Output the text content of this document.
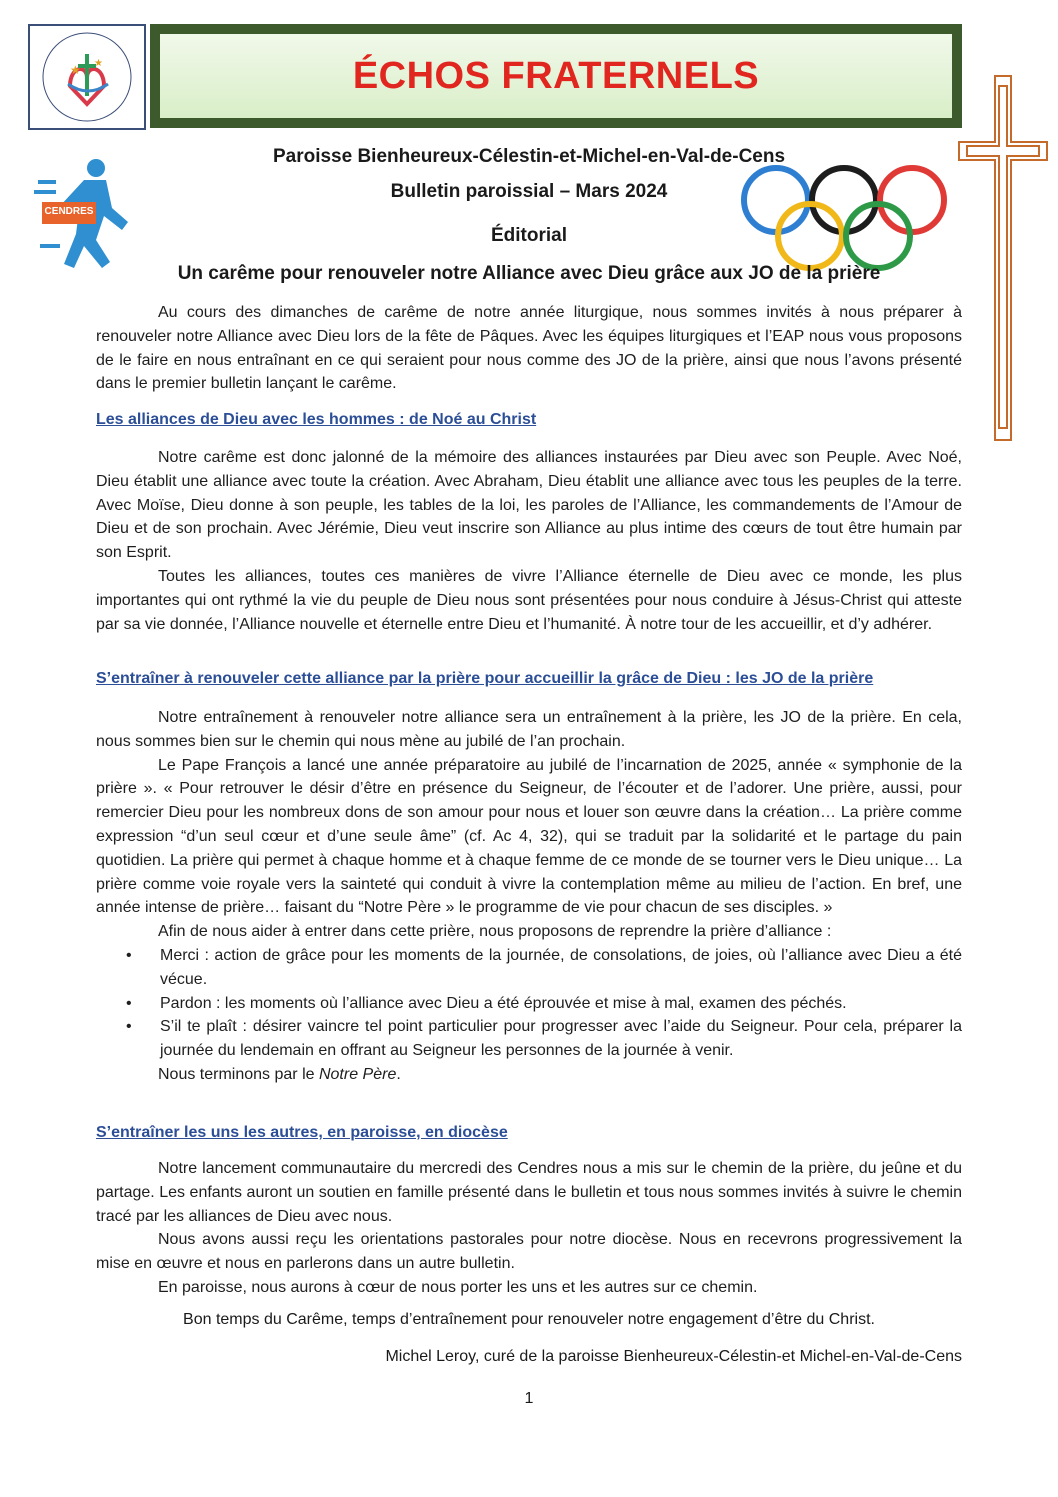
★ ★	ÉCHOS FRATERNELS
CENDRES
Paroisse Bienheureux-Célestin-et-Michel-en-Val-de-Cens
Bulletin paroissial – Mars 2024
Éditorial
Un carême pour renouveler notre Alliance avec Dieu grâce aux JO de la prière

Au cours des dimanches de carême de notre année liturgique, nous sommes invités à nous préparer à renouveler notre Alliance avec Dieu lors de la fête de Pâques. Avec les équipes liturgiques et l’EAP nous vous proposons de le faire en nous entraînant en ce qui seraient pour nous comme des JO de la prière, ainsi que nous l’avons présenté dans le premier bulletin lançant le carême.

Les alliances de Dieu avec les hommes : de Noé au Christ

Notre carême est donc jalonné de la mémoire des alliances instaurées par Dieu avec son Peuple. Avec Noé, Dieu établit une alliance avec toute la création. Avec Abraham, Dieu établit une alliance avec tous les peuples de la terre. Avec Moïse, Dieu donne à son peuple, les tables de la loi, les paroles de l’Alliance, les commandements de l’Amour de Dieu et de son prochain. Avec Jérémie, Dieu veut inscrire son Alliance au plus intime des cœurs de tout être humain par son Esprit.

Toutes les alliances, toutes ces manières de vivre l’Alliance éternelle de Dieu avec ce monde, les plus importantes qui ont rythmé la vie du peuple de Dieu nous sont présentées pour nous conduire à Jésus-Christ qui atteste par sa vie donnée, l’Alliance nouvelle et éternelle entre Dieu et l’humanité. À notre tour de les accueillir, et d’y adhérer.

S’entraîner à renouveler cette alliance par la prière pour accueillir la grâce de Dieu : les JO de la prière

Notre entraînement à renouveler notre alliance sera un entraînement à la prière, les JO de la prière. En cela, nous sommes bien sur le chemin qui nous mène au jubilé de l’an prochain.

Le Pape François a lancé une année préparatoire au jubilé de l’incarnation de 2025, année « symphonie de la prière ». « Pour retrouver le désir d’être en présence du Seigneur, de l’écouter et de l’adorer. Une prière, aussi, pour remercier Dieu pour les nombreux dons de son amour pour nous et louer son œuvre dans la création… La prière comme expression “d’un seul cœur et d’une seule âme” (cf. Ac 4, 32), qui se traduit par la solidarité et le partage du pain quotidien. La prière qui permet à chaque homme et à chaque femme de ce monde de se tourner vers le Dieu unique… La prière comme voie royale vers la sainteté qui conduit à vivre la contemplation même au milieu de l’action. En bref, une année intense de prière… faisant du “Notre Père » le programme de vie pour chacun de ses disciples. »

Afin de nous aider à entrer dans cette prière, nous proposons de reprendre la prière d’alliance :

• Merci : action de grâce pour les moments de la journée, de consolations, de joies, où l’alliance avec Dieu a été vécue.
• Pardon : les moments où l’alliance avec Dieu a été éprouvée et mise à mal, examen des péchés.
• S’il te plaît : désirer vaincre tel point particulier pour progresser avec l’aide du Seigneur. Pour cela, préparer la journée du lendemain en offrant au Seigneur les personnes de la journée à venir.

Nous terminons par le Notre Père.

S’entraîner les uns les autres, en paroisse, en diocèse

Notre lancement communautaire du mercredi des Cendres nous a mis sur le chemin de la prière, du jeûne et du partage. Les enfants auront un soutien en famille présenté dans le bulletin et tous nous sommes invités à suivre le chemin tracé par les alliances de Dieu avec nous.

Nous avons aussi reçu les orientations pastorales pour notre diocèse. Nous en recevrons progressivement la mise en œuvre et nous en parlerons dans un autre bulletin.

En paroisse, nous aurons à cœur de nous porter les uns et les autres sur ce chemin.

Bon temps du Carême, temps d’entraînement pour renouveler notre engagement d’être du Christ.
Michel Leroy, curé de la paroisse Bienheureux-Célestin-et Michel-en-Val-de-Cens
1
